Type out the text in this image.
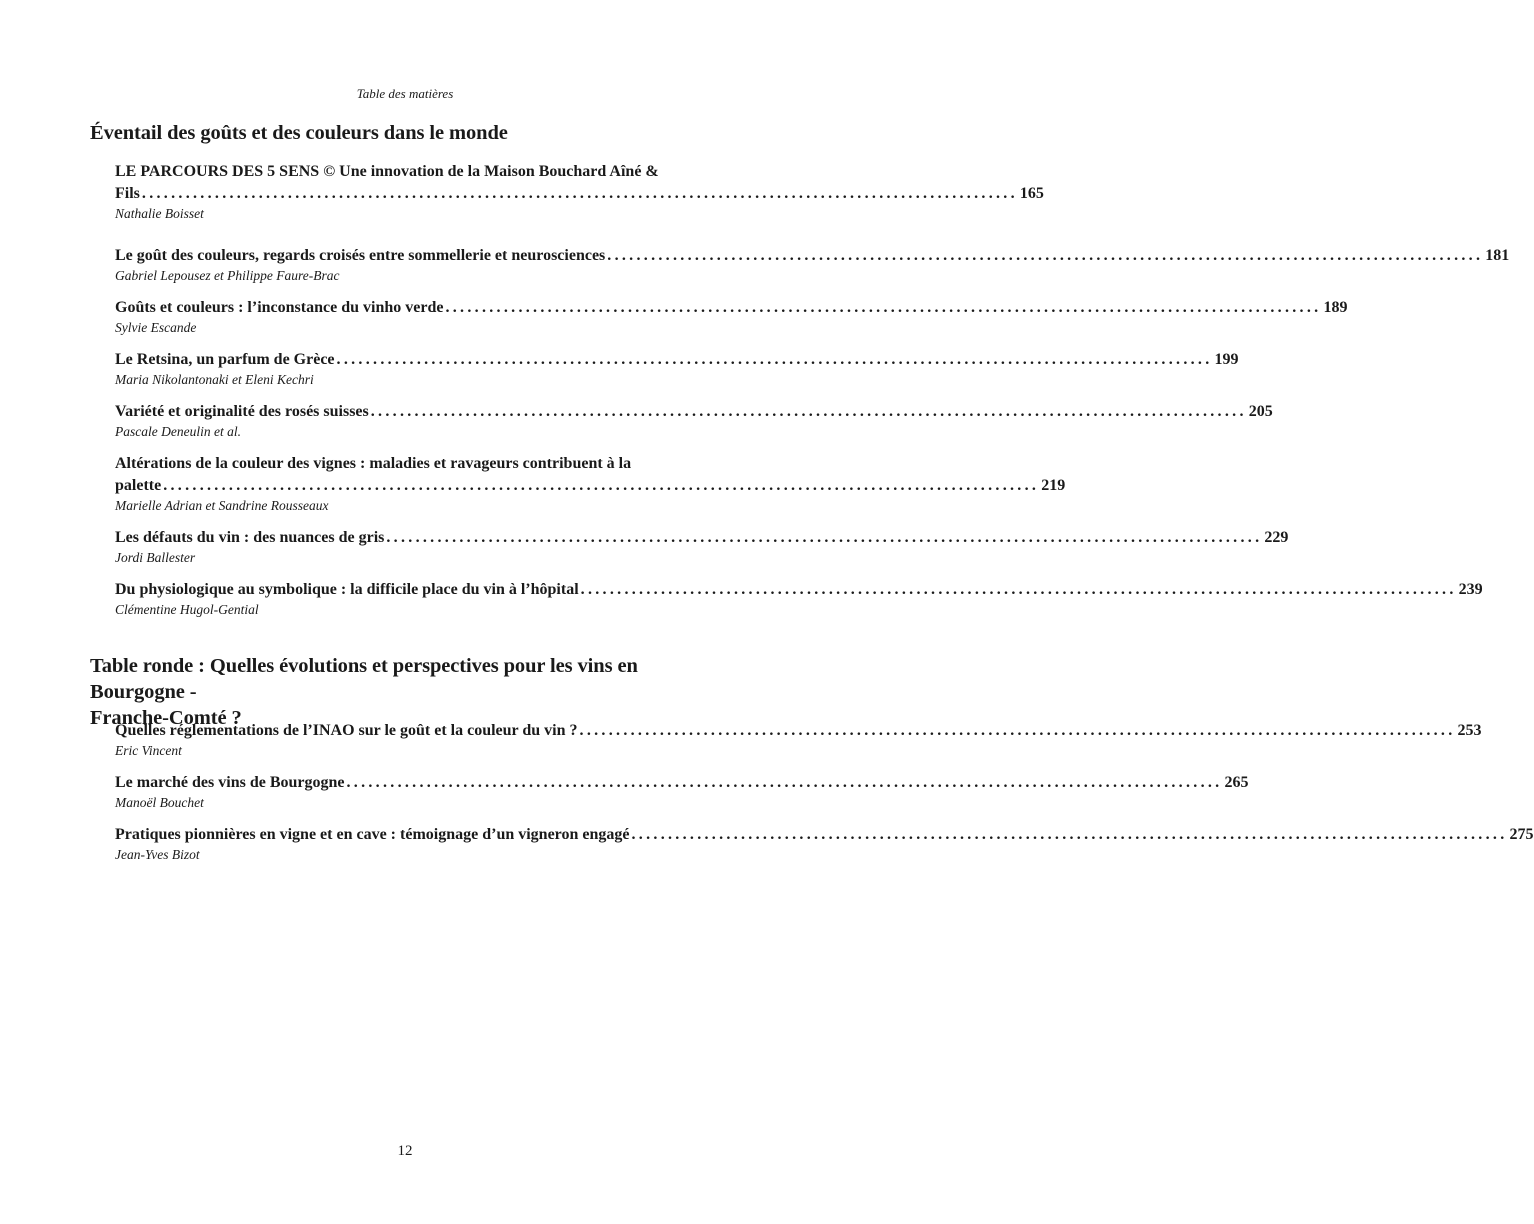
Table des matières
Éventail des goûts et des couleurs dans le monde
LE PARCOURS DES 5 SENS © Une innovation de la Maison Bouchard Aîné &
Fils ........................................................................................................................ 165
Nathalie Boisset
Le goût des couleurs, regards croisés entre sommellerie et neurosciences ........................................................................................................................ 181
Gabriel Lepousez et Philippe Faure-Brac
Goûts et couleurs : l’inconstance du vinho verde ........................................................................................................................ 189
Sylvie Escande
Le Retsina, un parfum de Grèce ........................................................................................................................ 199
Maria Nikolantonaki et Eleni Kechri
Variété et originalité des rosés suisses ........................................................................................................................ 205
Pascale Deneulin et al.
Altérations de la couleur des vignes : maladies et ravageurs contribuent à la
palette ........................................................................................................................ 219
Marielle Adrian et Sandrine Rousseaux
Les défauts du vin : des nuances de gris ........................................................................................................................ 229
Jordi Ballester
Du physiologique au symbolique : la difficile place du vin à l’hôpital ........................................................................................................................ 239
Clémentine Hugol-Gential
Table ronde : Quelles évolutions et perspectives pour les vins en Bourgogne -
Franche-Comté ?
Quelles réglementations de l’INAO sur le goût et la couleur du vin ? ........................................................................................................................ 253
Eric Vincent
Le marché des vins de Bourgogne ........................................................................................................................ 265
Manoël Bouchet
Pratiques pionnières en vigne et en cave : témoignage d’un vigneron engagé ........................................................................................................................ 275
Jean-Yves Bizot
12
